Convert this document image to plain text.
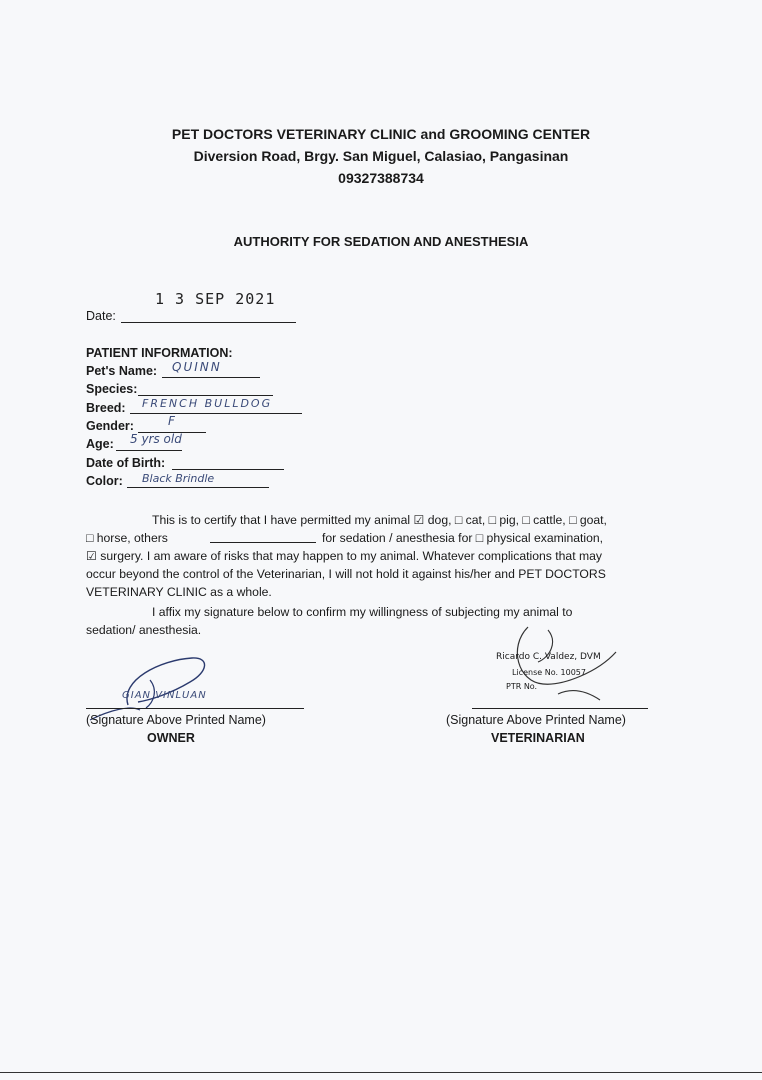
PET DOCTORS VETERINARY CLINIC and GROOMING CENTER
Diversion Road, Brgy. San Miguel, Calasiao, Pangasinan
09327388734
AUTHORITY FOR SEDATION AND ANESTHESIA
1 3 SEP 2021
Date:
PATIENT INFORMATION:
Pet's Name: QUINN
Species:
Breed: FRENCH BULLDOG
Gender:	F
Age: 5 yrs old
Date of Birth:
Color: Black Brindle
This is to certify that I have permitted my animal ☑ dog, □ cat, □ pig, □ cattle, □ goat,
□ horse, others	for sedation / anesthesia for □ physical examination,
☑ surgery. I am aware of risks that may happen to my animal. Whatever complications that may
occur beyond the control of the Veterinarian, I will not hold it against his/her and PET DOCTORS
VETERINARY CLINIC as a whole.
I affix my signature below to confirm my willingness of subjecting my animal to
sedation/ anesthesia.
GIAN VINLUAN
(Signature Above Printed Name)
OWNER
Ricardo C. Valdez, DVM
License No. 10057
PTR No.
(Signature Above Printed Name)
VETERINARIAN
